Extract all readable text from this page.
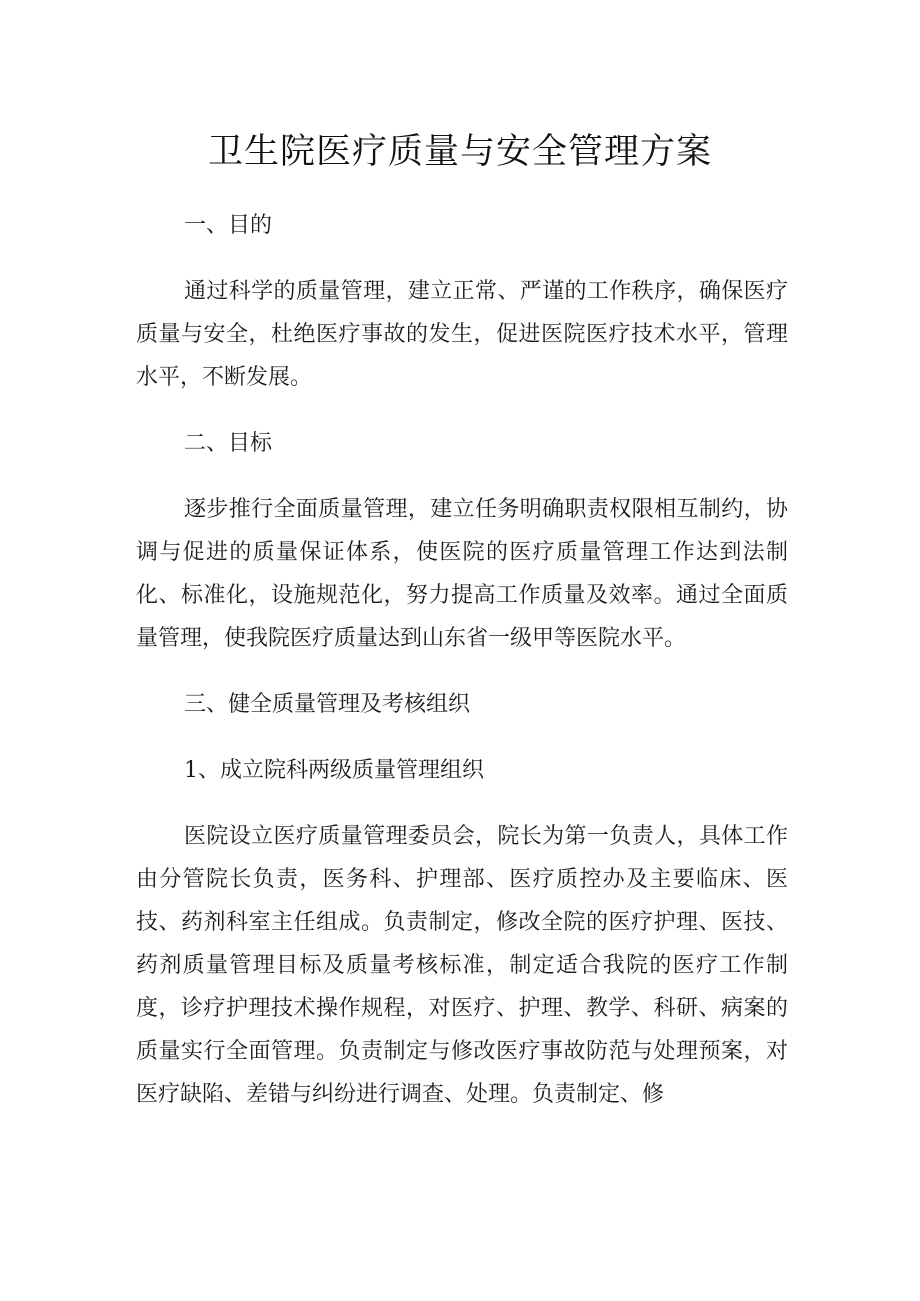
卫生院医疗质量与安全管理方案

一、目的

通过科学的质量管理，建立正常、严谨的工作秩序，确保医疗质量与安全，杜绝医疗事故的发生，促进医院医疗技术水平，管理水平，不断发展。

二、目标

逐步推行全面质量管理，建立任务明确职责权限相互制约，协调与促进的质量保证体系，使医院的医疗质量管理工作达到法制化、标准化，设施规范化，努力提高工作质量及效率。通过全面质量管理，使我院医疗质量达到山东省一级甲等医院水平。

三、健全质量管理及考核组织

1、成立院科两级质量管理组织

医院设立医疗质量管理委员会，院长为第一负责人，具体工作由分管院长负责，医务科、护理部、医疗质控办及主要临床、医技、药剂科室主任组成。负责制定，修改全院的医疗护理、医技、药剂质量管理目标及质量考核标准，制定适合我院的医疗工作制度，诊疗护理技术操作规程，对医疗、护理、教学、科研、病案的质量实行全面管理。负责制定与修改医疗事故防范与处理预案，对医疗缺陷、差错与纠纷进行调查、处理。负责制定、修
